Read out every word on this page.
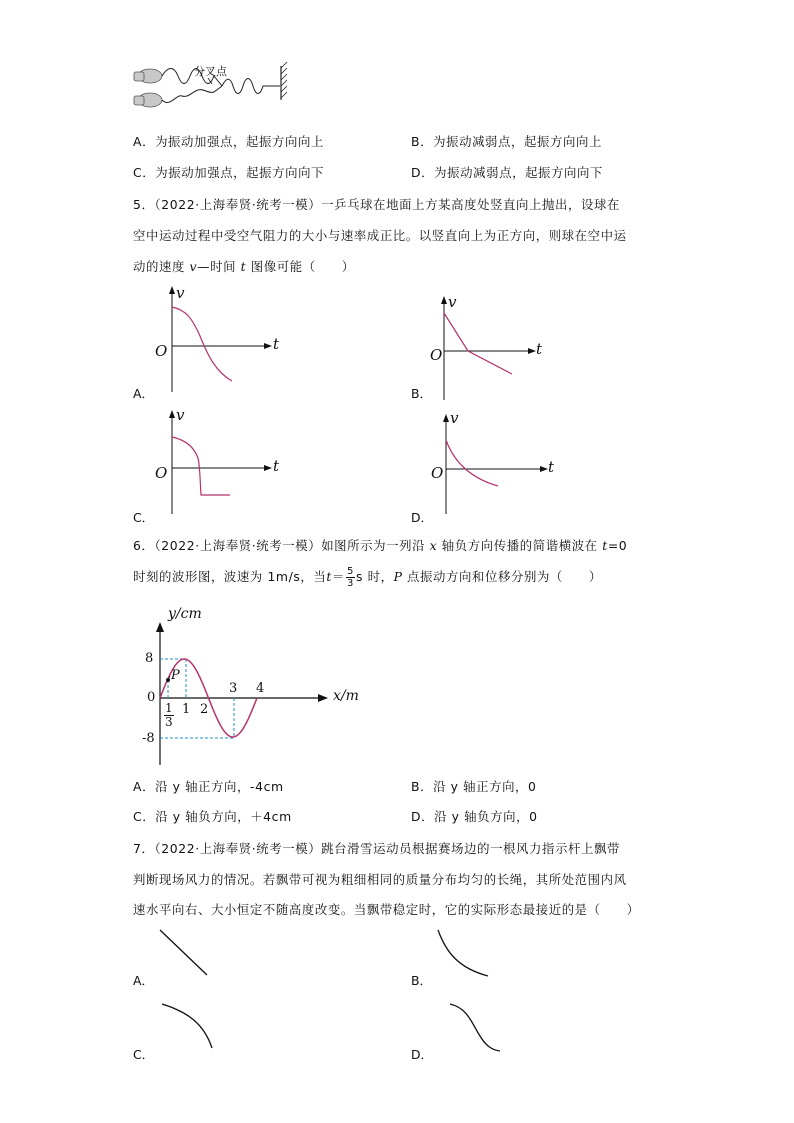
分叉点
A．为振动加强点，起振方向向上	B．为振动减弱点，起振方向向上
C．为振动加强点，起振方向向下	D．为振动减弱点，起振方向向下
5．（2022·上海奉贤·统考一模）一乒乓球在地面上方某高度处竖直向上抛出，设球在
空中运动过程中受空气阻力的大小与速率成正比。以竖直向上为正方向，则球在空中运
动的速度 v—时间 t 图像可能（　　）
v
t
O
A．
v
t
O
B．
v
t
O
C．
v
t
O
D．
6．（2022·上海奉贤·统考一模）如图所示为一列沿 x 轴负方向传播的简谐横波在 t=0
时刻的波形图，波速为 1m/s，当$t= \frac{5}{3}$ s 时，P 点振动方向和位移分别为（　　）
y/cm
x/m
8
0
-8
1 2
3 4
P
$\frac{1}{3}$
A．沿 y 轴正方向，-4cm	B．沿 y 轴正方向，0
C．沿 y 轴负方向，＋4cm	D．沿 y 轴负方向，0
7．（2022·上海奉贤·统考一模）跳台滑雪运动员根据赛场边的一根风力指示杆上飘带
判断现场风力的情况。若飘带可视为粗细相同的质量分布均匀的长绳，其所处范围内风
速水平向右、大小恒定不随高度改变。当飘带稳定时，它的实际形态最接近的是（　　）
A．	B．
C．	D．
